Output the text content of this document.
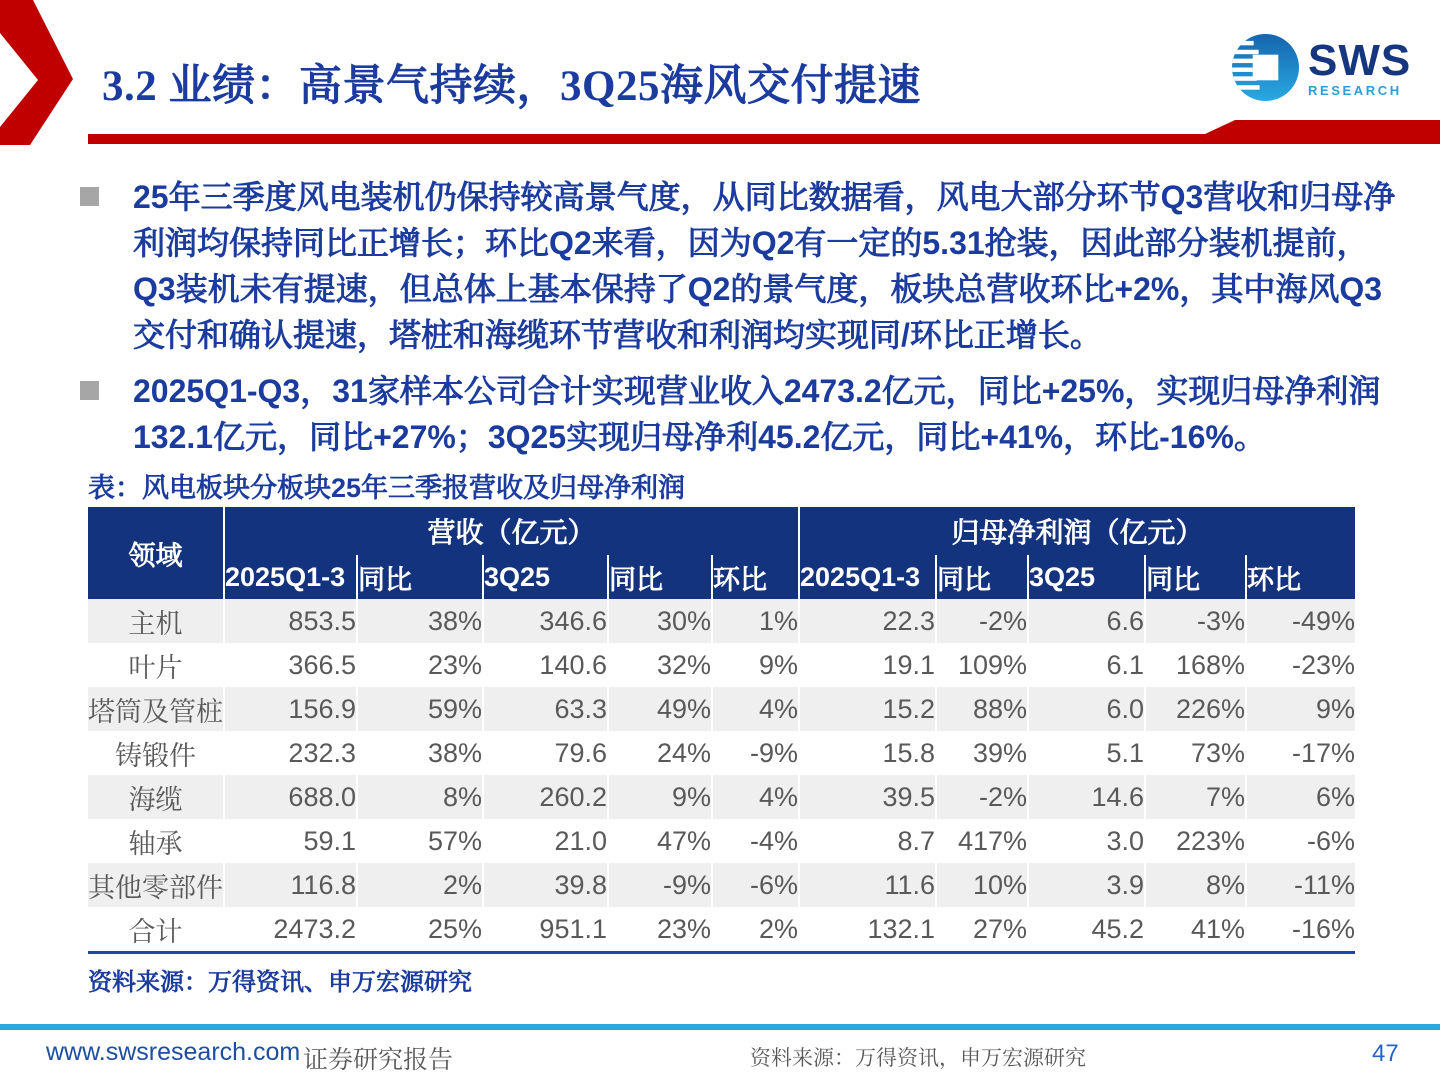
3.2 业绩：高景气持续，3Q25海风交付提速
SWS
RESEARCH

25年三季度风电装机仍保持较高景气度，从同比数据看，风电大部分环节Q3营收和归母净利润均保持同比正增长；环比Q2来看，因为Q2有一定的5.31抢装，因此部分装机提前，Q3装机未有提速，但总体上基本保持了Q2的景气度，板块总营收环比+2%，其中海风Q3交付和确认提速，塔桩和海缆环节营收和利润均实现同/环比正增长。

2025Q1-Q3，31家样本公司合计实现营业收入2473.2亿元，同比+25%，实现归母净利润132.1亿元，同比+27%；3Q25实现归母净利45.2亿元，同比+41%，环比-16%。

表：风电板块分板块25年三季报营收及归母净利润
领域	营收（亿元）					归母净利润（亿元）				
	2025Q1-3	同比	3Q25	同比	环比	2025Q1-3	同比	3Q25	同比	环比
主机	853.5	38%	346.6	30%	1%	22.3	-2%	6.6	-3%	-49%
叶片	366.5	23%	140.6	32%	9%	19.1	109%	6.1	168%	-23%
塔筒及管桩	156.9	59%	63.3	49%	4%	15.2	88%	6.0	226%	9%
铸锻件	232.3	38%	79.6	24%	-9%	15.8	39%	5.1	73%	-17%
海缆	688.0	8%	260.2	9%	4%	39.5	-2%	14.6	7%	6%
轴承	59.1	57%	21.0	47%	-4%	8.7	417%	3.0	223%	-6%
其他零部件	116.8	2%	39.8	-9%	-6%	11.6	10%	3.9	8%	-11%
合计	2473.2	25%	951.1	23%	2%	132.1	27%	45.2	41%	-16%
资料来源：万得资讯、申万宏源研究
www.swsresearch.com 证券研究报告	资料来源：万得资讯，申万宏源研究	47
